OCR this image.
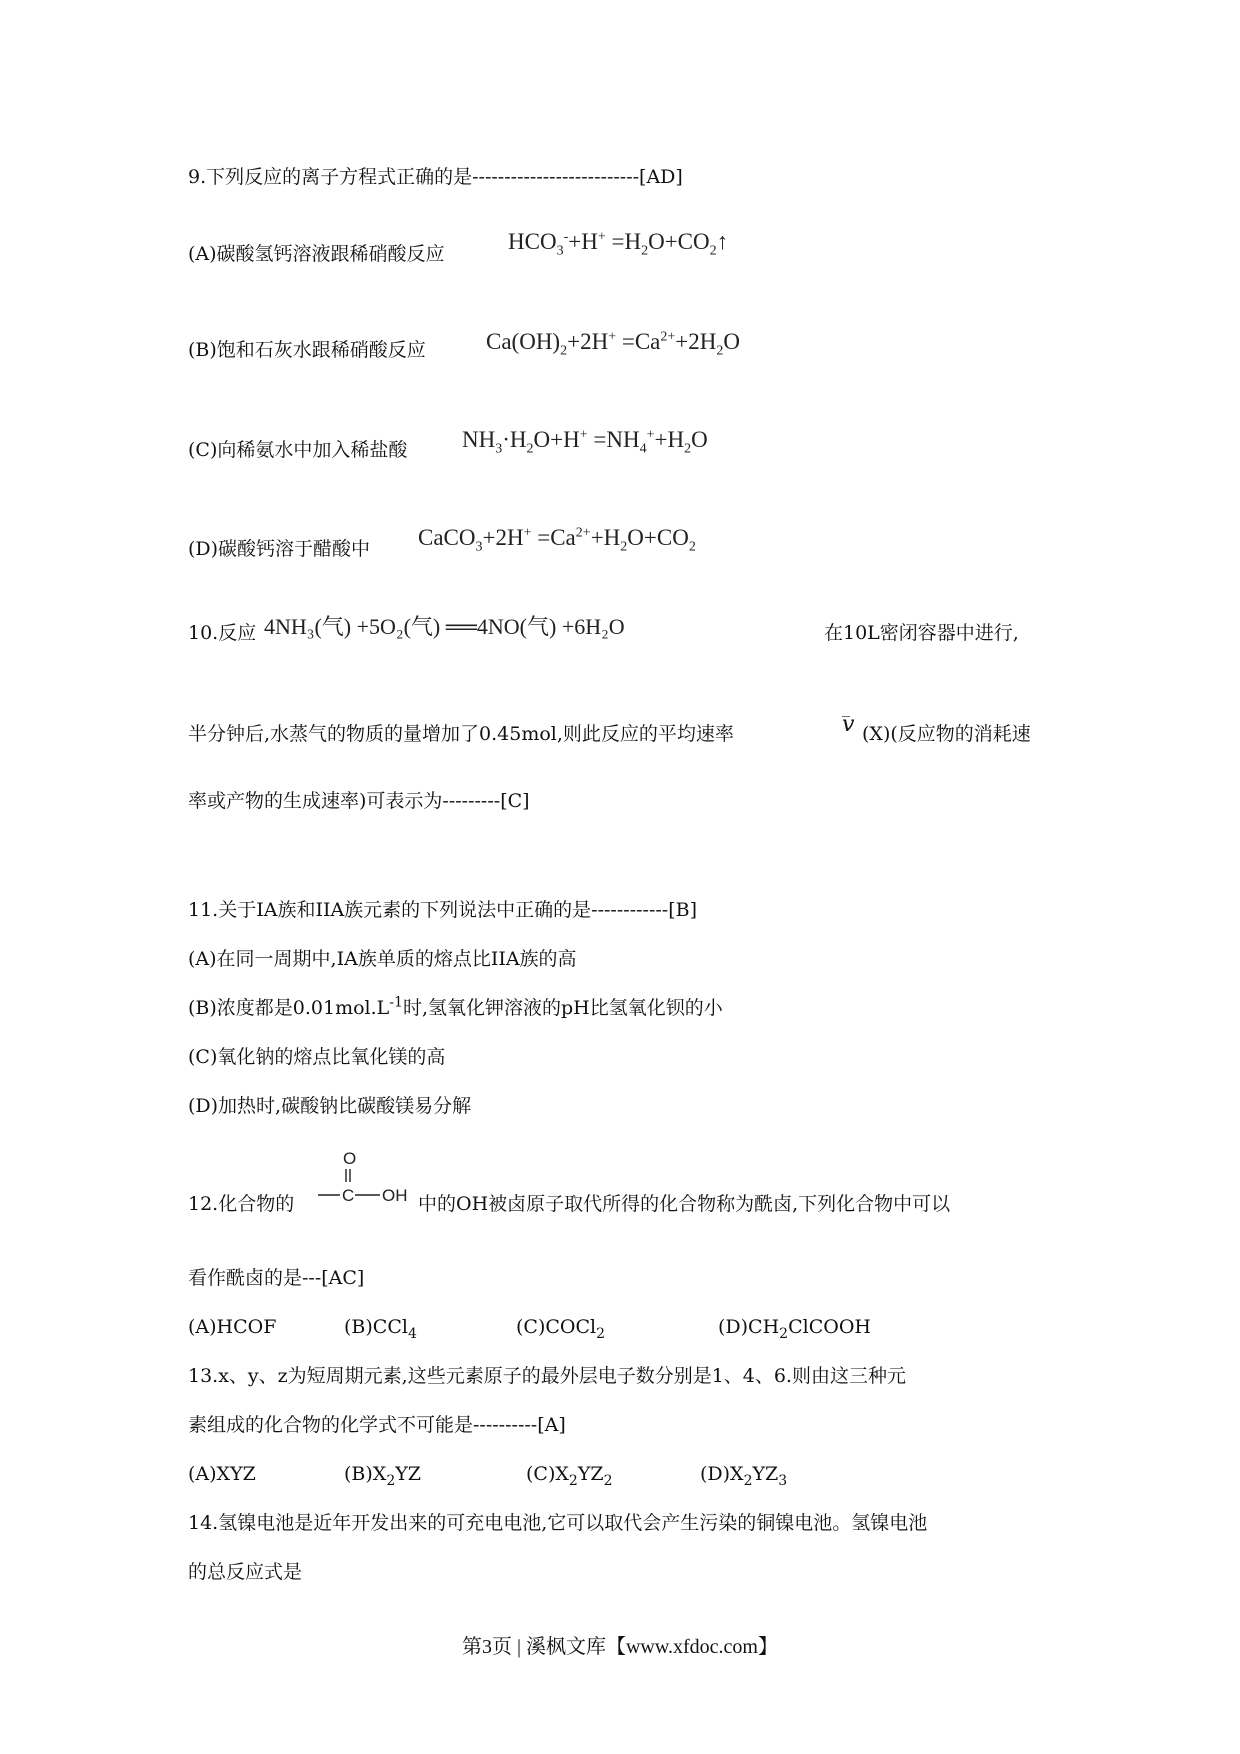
9.下列反应的离子方程式正确的是--------------------------[AD]
(A)碳酸氢钙溶液跟稀硝酸反应	$HCO_3^-+H^+$ $=H_2O+CO_2↑$
(B)饱和石灰水跟稀硝酸反应	$Ca(OH)_2+2H^+ =Ca^{2+}+2H_2O$
(C)向稀氨水中加入稀盐酸 $NH_3\cdot H_2O+H^+ =NH_4^++H_2O$
(D)碳酸钙溶于醋酸中 CaCO$_3$+2H+ $=Ca^{2+}+H_2O+CO_2$
10.反应 4NH₃(气) +5O₂(气) ══4NO(气) +6H₂O	在10L密闭容器中进行,
半分钟后,水蒸气的物质的量增加了0.45mol,则此反应的平均速率
_
v (X)(反应物的消耗速
率或产物的生成速率)可表示为---------[C]
11.关于IA族和IIA族元素的下列说法中正确的是------------[B]
(A)在同一周期中,IA族单质的熔点比IIA族的高
(B)浓度都是$0.01mol.L^{-1}$时,氢氧化钾溶液的pH比氢氧化钡的小
(C)氧化钠的熔点比氧化镁的高
(D)加热时,碳酸钠比碳酸镁易分解
12.化合物的
O
C OH 中的OH被卤原子取代所得的化合物称为酰卤,下列化合物中可以
看作酰卤的是---[AC]
(A)HCOF	(B)CCl$_4$	(C)COCl$_2$	$(D)CH_2ClCOOH$
13.x、y、z为短周期元素,这些元素原子的最外层电子数分别是1、4、6.则由这三种元
素组成的化合物的化学式不可能是----------[A]
(A)XYZ	$(B)X_2YZ$	$(C)X_2YZ_2$	$(D)X_2YZ_3$
14.氢镍电池是近年开发出来的可充电电池,它可以取代会产生污染的铜镍电池。氢镍电池
的总反应式是
第3页 | 溪枫文库【www.xfdoc.com】
